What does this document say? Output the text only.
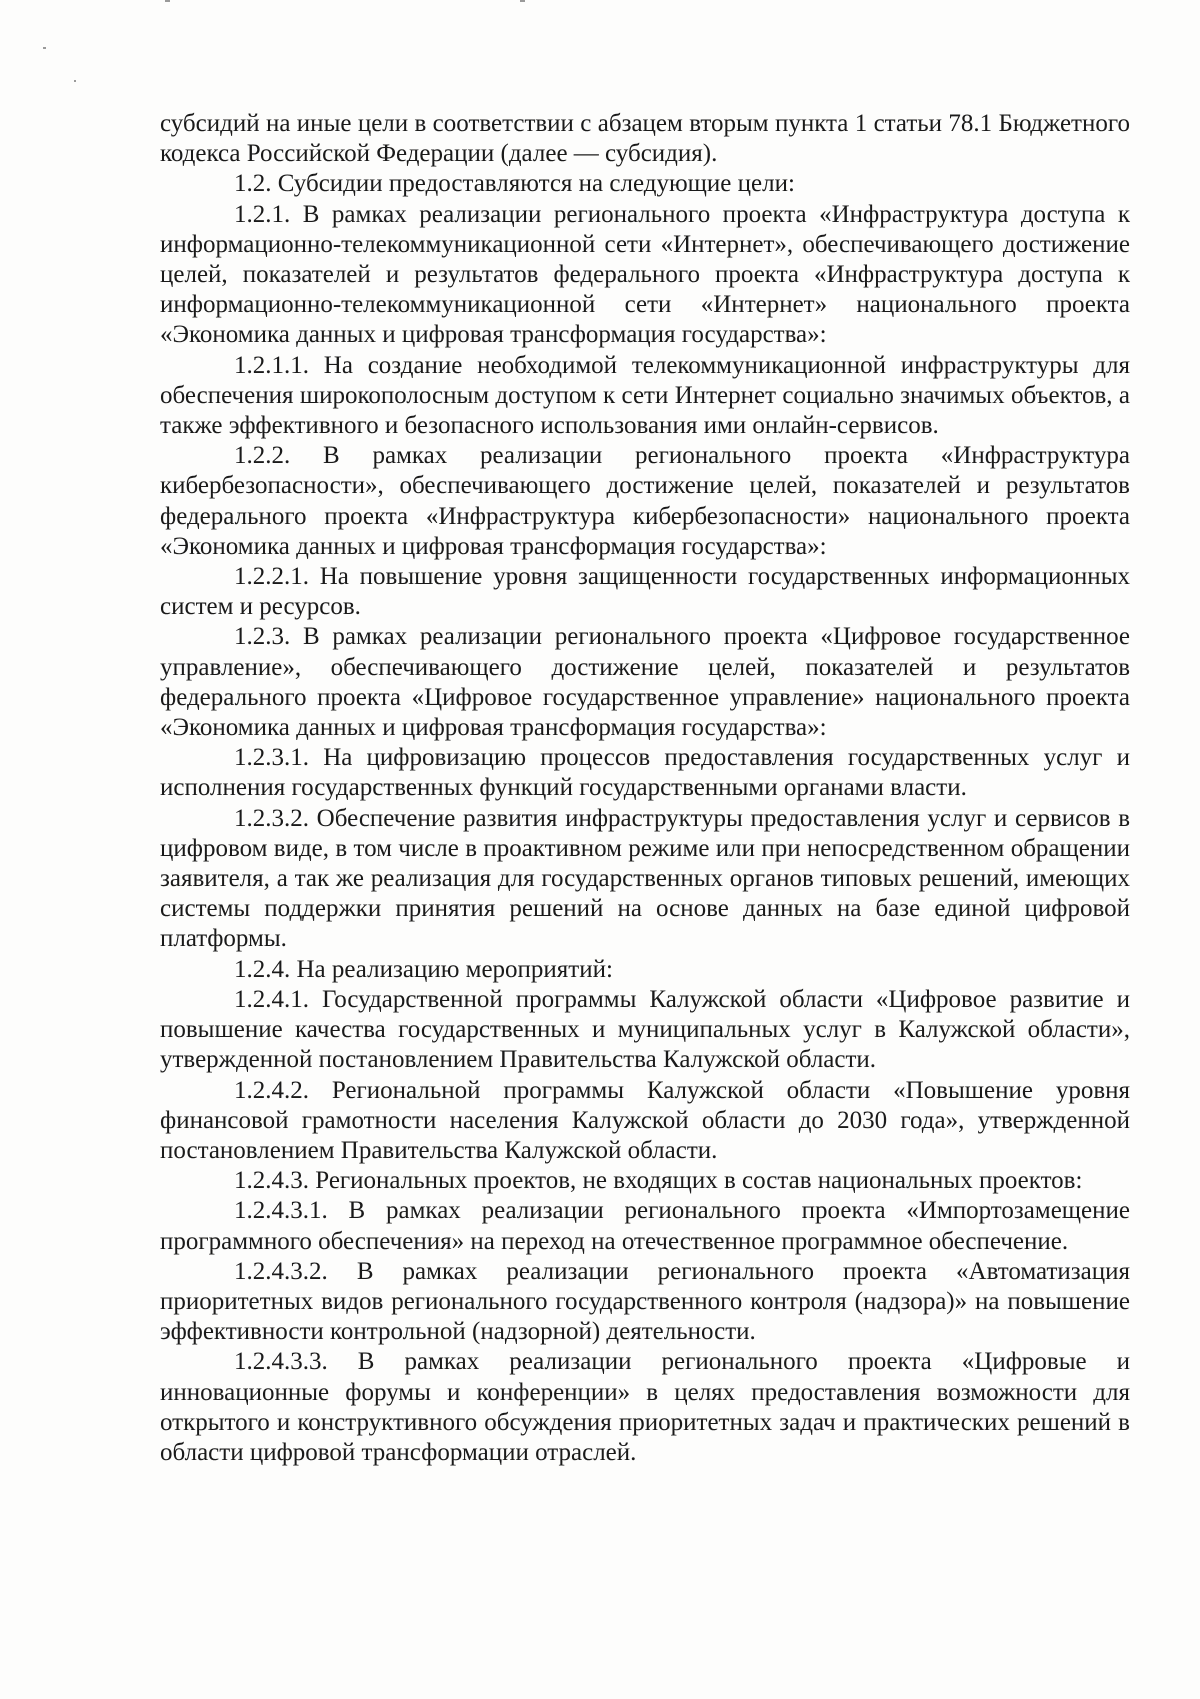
субсидий на иные цели в соответствии с абзацем вторым пункта 1 статьи 78.1 Бюджетного кодекса Российской Федерации (далее — субсидия).

1.2. Субсидии предоставляются на следующие цели:

1.2.1. В рамках реализации регионального проекта «Инфраструктура доступа к информационно-телекоммуникационной сети «Интернет», обеспечивающего достижение целей, показателей и результатов федерального проекта «Инфраструктура доступа к информационно-телекоммуникационной сети «Интернет» национального проекта «Экономика данных и цифровая трансформация государства»:

1.2.1.1. На создание необходимой телекоммуникационной инфраструктуры для обеспечения широкополосным доступом к сети Интернет социально значимых объектов, а также эффективного и безопасного использования ими онлайн-сервисов.

1.2.2. В рамках реализации регионального проекта «Инфраструктура кибербезопасности», обеспечивающего достижение целей, показателей и результатов федерального проекта «Инфраструктура кибербезопасности» национального проекта «Экономика данных и цифровая трансформация государства»:

1.2.2.1. На повышение уровня защищенности государственных информационных систем и ресурсов.

1.2.3. В рамках реализации регионального проекта «Цифровое государственное управление», обеспечивающего достижение целей, показателей и результатов федерального проекта «Цифровое государственное управление» национального проекта «Экономика данных и цифровая трансформация государства»:

1.2.3.1. На цифровизацию процессов предоставления государственных услуг и исполнения государственных функций государственными органами власти.

1.2.3.2. Обеспечение развития инфраструктуры предоставления услуг и сервисов в цифровом виде, в том числе в проактивном режиме или при непосредственном обращении заявителя, а так же реализация для государственных органов типовых решений, имеющих системы поддержки принятия решений на основе данных на базе единой цифровой платформы.

1.2.4. На реализацию мероприятий:

1.2.4.1. Государственной программы Калужской области «Цифровое развитие и повышение качества государственных и муниципальных услуг в Калужской области», утвержденной постановлением Правительства Калужской области.

1.2.4.2. Региональной программы Калужской области «Повышение уровня финансовой грамотности населения Калужской области до 2030 года», утвержденной постановлением Правительства Калужской области.

1.2.4.3. Региональных проектов, не входящих в состав национальных проектов:

1.2.4.3.1. В рамках реализации регионального проекта «Импортозамещение программного обеспечения» на переход на отечественное программное обеспечение.

1.2.4.3.2. В рамках реализации регионального проекта «Автоматизация приоритетных видов регионального государственного контроля (надзора)» на повышение эффективности контрольной (надзорной) деятельности.

1.2.4.3.3. В рамках реализации регионального проекта «Цифровые и инновационные форумы и конференции» в целях предоставления возможности для открытого и конструктивного обсуждения приоритетных задач и практических решений в области цифровой трансформации отраслей.
